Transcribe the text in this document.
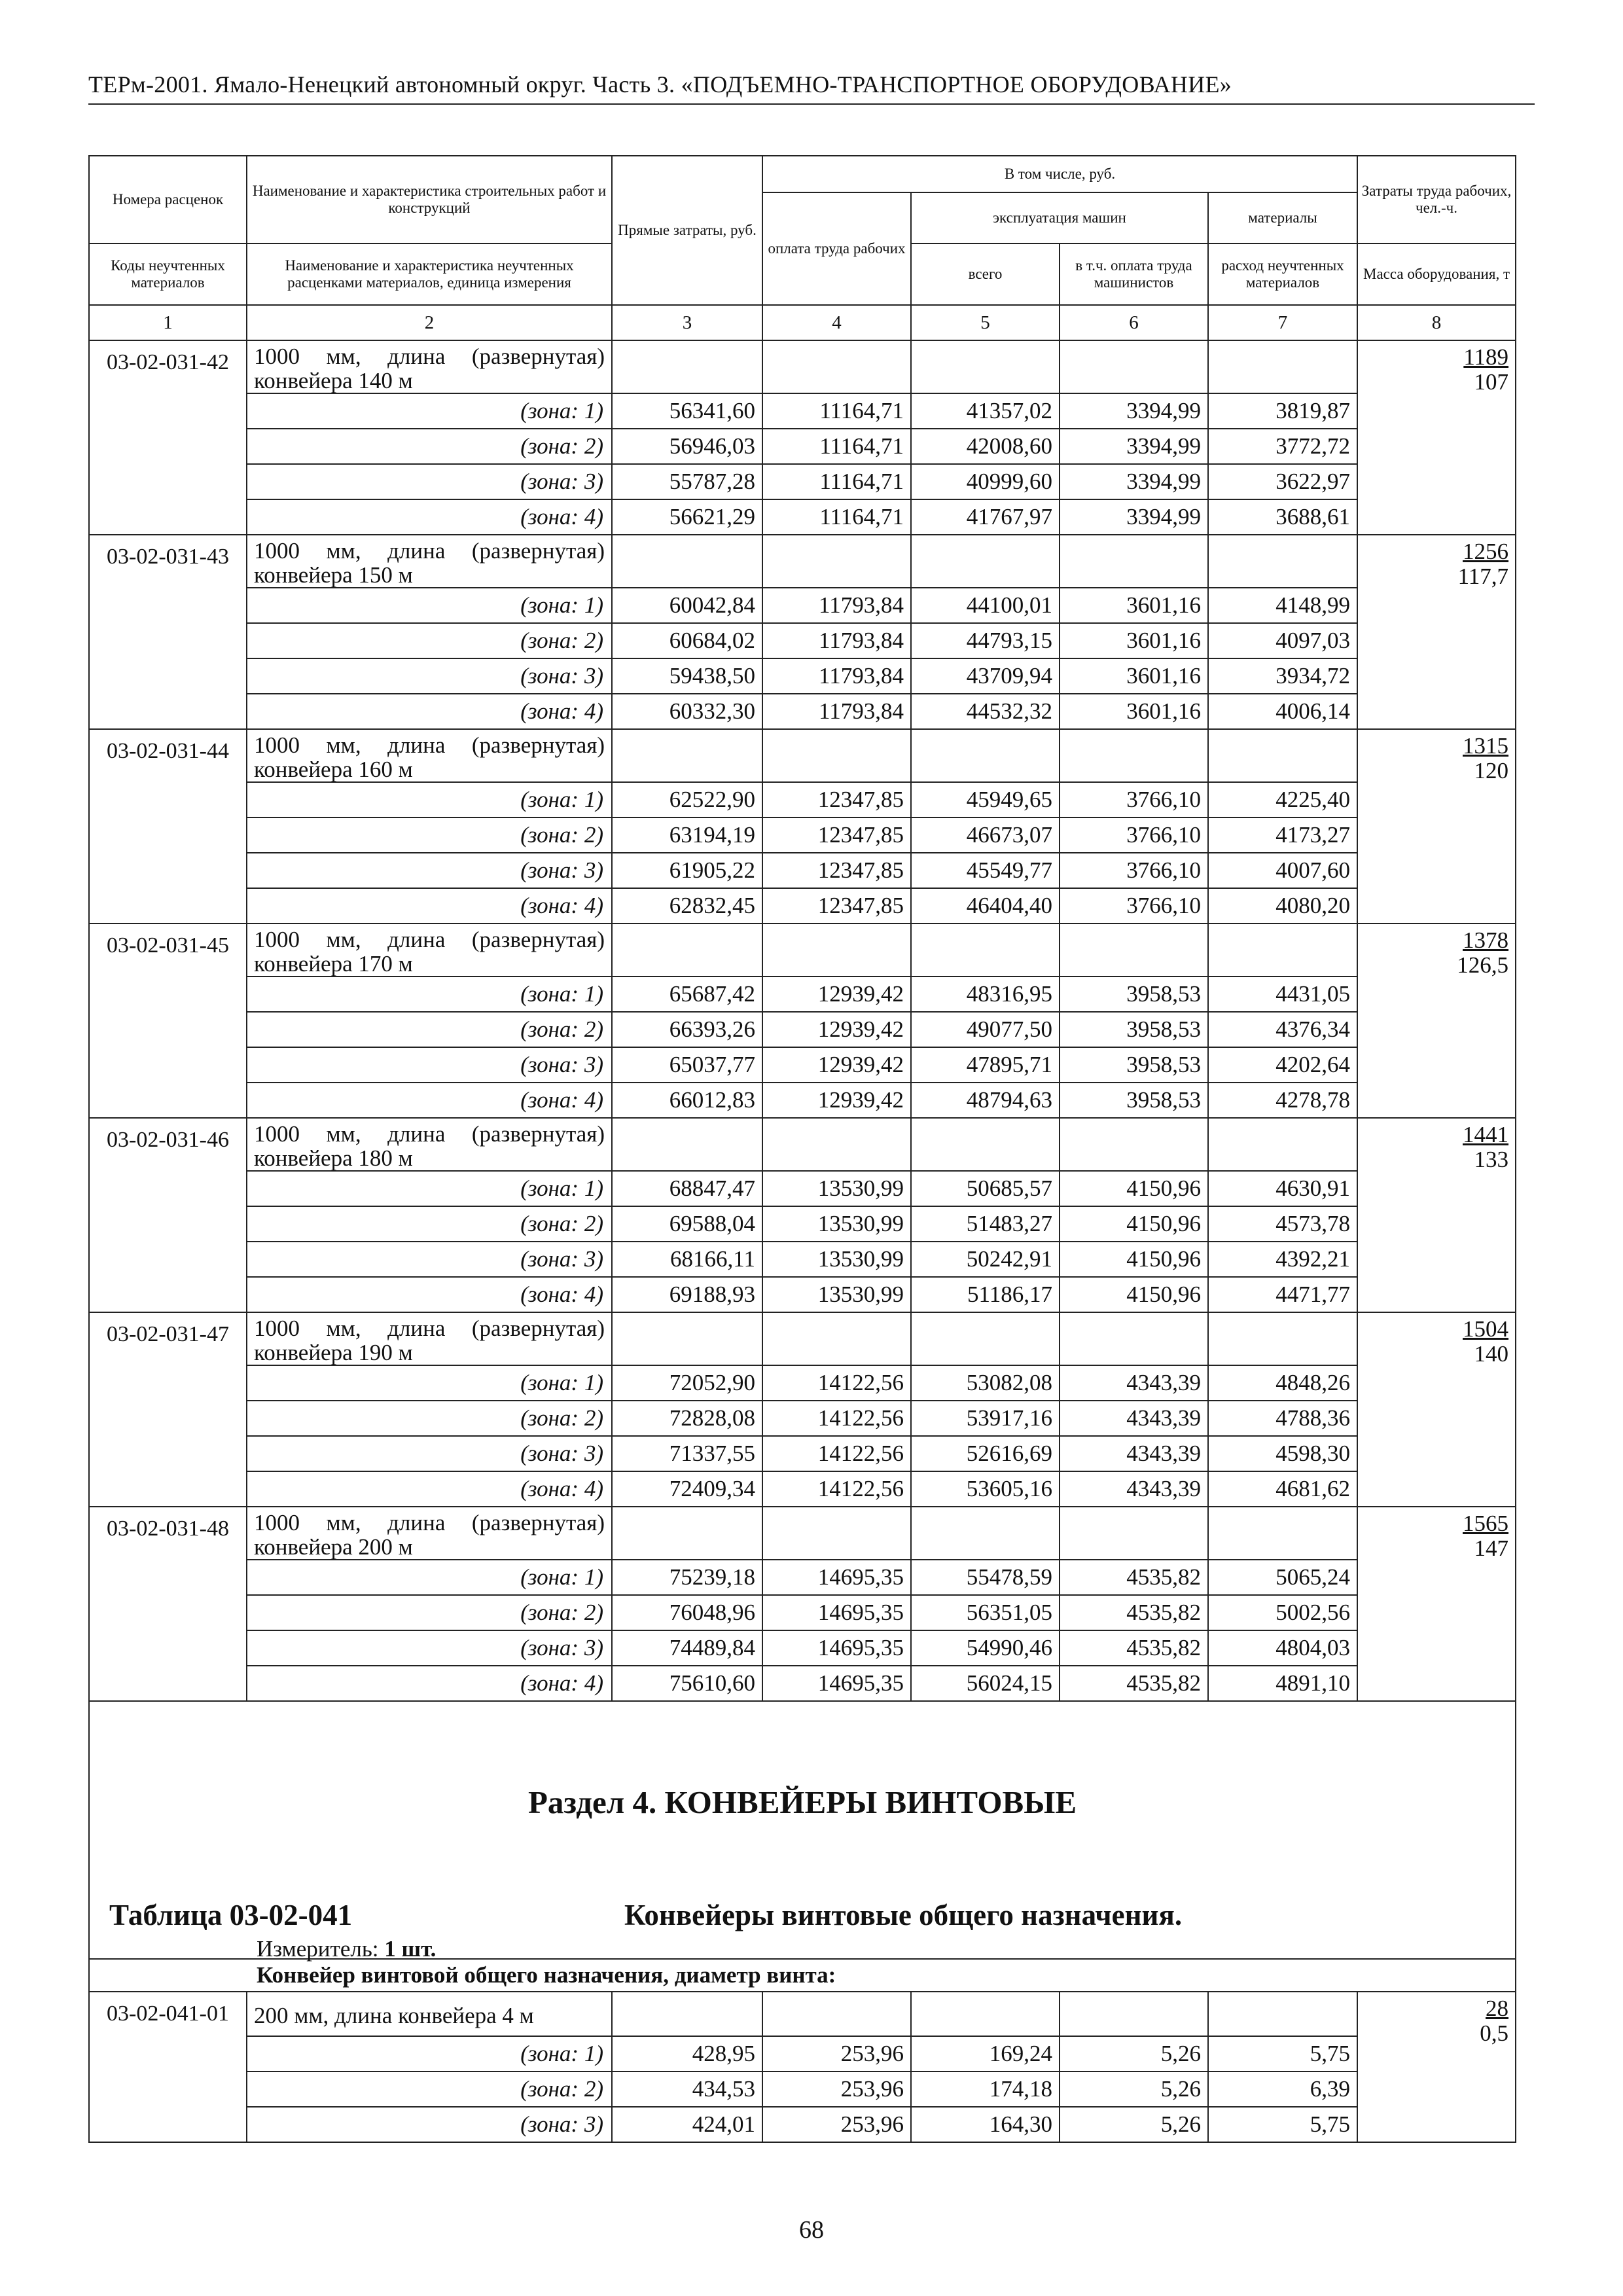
ТЕРм-2001. Ямало-Ненецкий автономный округ. Часть 3. «ПОДЪЕМНО-ТРАНСПОРТНОЕ ОБОРУДОВАНИЕ»
Номера расценок	Наименование и характеристика строительных работ и конструкций	Прямые затраты, руб.	В том числе, руб.				Затраты труда рабочих, чел.-ч.
			оплата труда рабочих	эксплуатация машин		материалы	
Коды неучтенных материалов	Наименование и характеристика неучтенных расценками материалов, единица измерения			всего	в т.ч. оплата труда машинистов	расход неучтенных материалов	Масса оборудования, т
1	2	3	4	5	6	7	8
03-02-031-42	1000 мм, длина (развернутая) конвейера 140 м						1189
107
	(зона: 1)	56341,60	11164,71	41357,02	3394,99	3819,87	
	(зона: 2)	56946,03	11164,71	42008,60	3394,99	3772,72	
	(зона: 3)	55787,28	11164,71	40999,60	3394,99	3622,97	
	(зона: 4)	56621,29	11164,71	41767,97	3394,99	3688,61	
03-02-031-43	1000 мм, длина (развернутая) конвейера 150 м						1256
117,7
	(зона: 1)	60042,84	11793,84	44100,01	3601,16	4148,99	
	(зона: 2)	60684,02	11793,84	44793,15	3601,16	4097,03	
	(зона: 3)	59438,50	11793,84	43709,94	3601,16	3934,72	
	(зона: 4)	60332,30	11793,84	44532,32	3601,16	4006,14	
03-02-031-44	1000 мм, длина (развернутая) конвейера 160 м						1315
120
	(зона: 1)	62522,90	12347,85	45949,65	3766,10	4225,40	
	(зона: 2)	63194,19	12347,85	46673,07	3766,10	4173,27	
	(зона: 3)	61905,22	12347,85	45549,77	3766,10	4007,60	
	(зона: 4)	62832,45	12347,85	46404,40	3766,10	4080,20	
03-02-031-45	1000 мм, длина (развернутая) конвейера 170 м						1378
126,5
	(зона: 1)	65687,42	12939,42	48316,95	3958,53	4431,05	
	(зона: 2)	66393,26	12939,42	49077,50	3958,53	4376,34	
	(зона: 3)	65037,77	12939,42	47895,71	3958,53	4202,64	
	(зона: 4)	66012,83	12939,42	48794,63	3958,53	4278,78	
03-02-031-46	1000 мм, длина (развернутая) конвейера 180 м						1441
133
	(зона: 1)	68847,47	13530,99	50685,57	4150,96	4630,91	
	(зона: 2)	69588,04	13530,99	51483,27	4150,96	4573,78	
	(зона: 3)	68166,11	13530,99	50242,91	4150,96	4392,21	
	(зона: 4)	69188,93	13530,99	51186,17	4150,96	4471,77	
03-02-031-47	1000 мм, длина (развернутая) конвейера 190 м						1504
140
	(зона: 1)	72052,90	14122,56	53082,08	4343,39	4848,26	
	(зона: 2)	72828,08	14122,56	53917,16	4343,39	4788,36	
	(зона: 3)	71337,55	14122,56	52616,69	4343,39	4598,30	
	(зона: 4)	72409,34	14122,56	53605,16	4343,39	4681,62	
03-02-031-48	1000 мм, длина (развернутая) конвейера 200 м						1565
147
	(зона: 1)	75239,18	14695,35	55478,59	4535,82	5065,24	
	(зона: 2)	76048,96	14695,35	56351,05	4535,82	5002,56	
	(зона: 3)	74489,84	14695,35	54990,46	4535,82	4804,03	
	(зона: 4)	75610,60	14695,35	56024,15	4535,82	4891,10	

Раздел 4. КОНВЕЙЕРЫ ВИНТОВЫЕ
Таблица 03-02-041 Конвейеры винтовые общего назначения.
Измеритель: 1 шт.							

Конвейер винтовой общего назначения, диаметр винта:							
03-02-041-01	200 мм, длина конвейера 4 м						28
0,5
	(зона: 1)	428,95	253,96	169,24	5,26	5,75	
	(зона: 2)	434,53	253,96	174,18	5,26	6,39	
	(зона: 3)	424,01	253,96	164,30	5,26	5,75	
68
